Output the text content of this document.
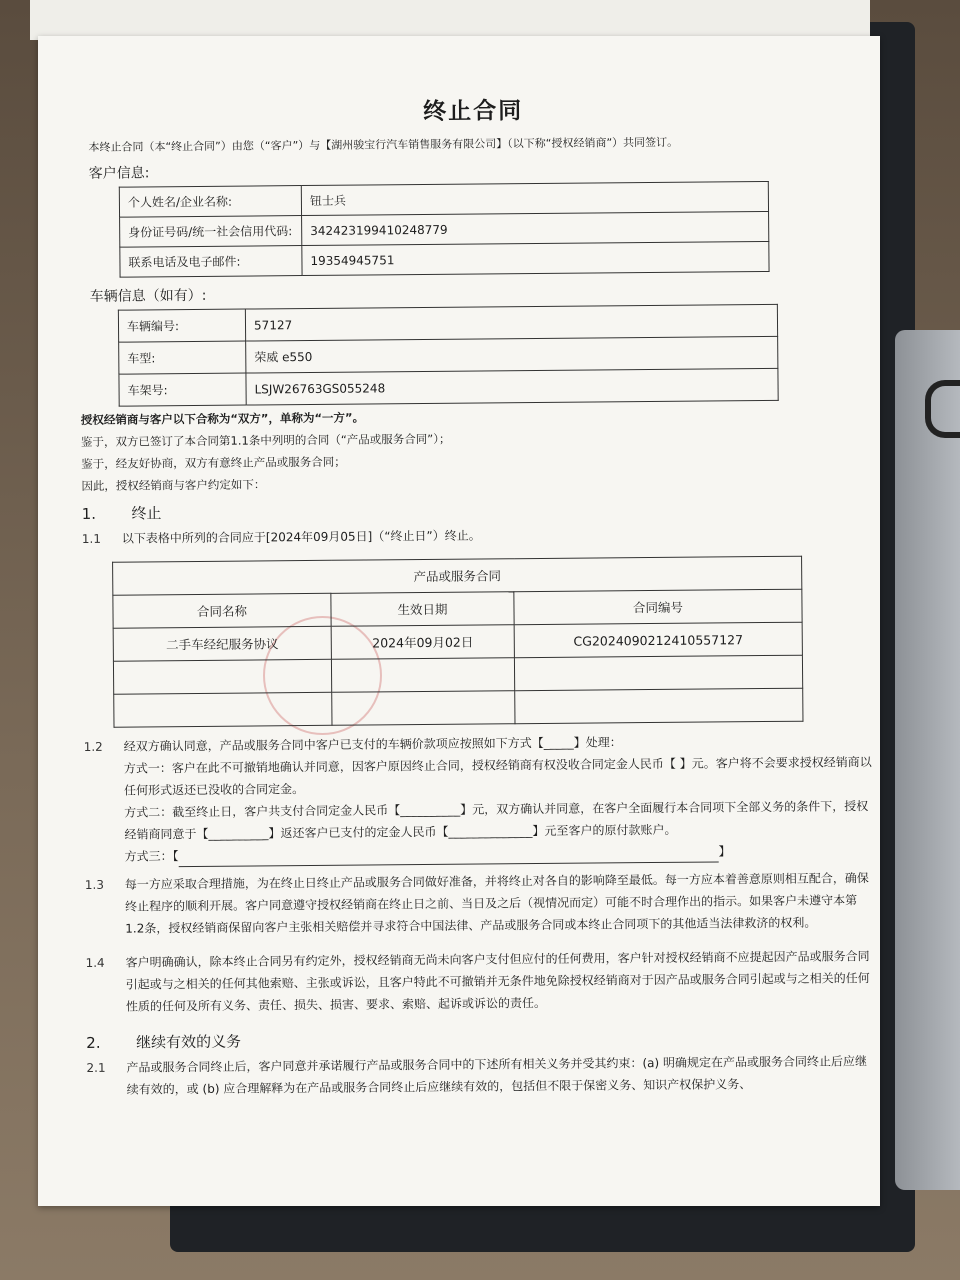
终止合同
本终止合同（本“终止合同”）由您（“客户”）与【湖州骏宝行汽车销售服务有限公司】（以下称“授权经销商”）共同签订。
客户信息:
个人姓名/企业名称:	钮士兵
身份证号码/统一社会信用代码:	342423199410248779
联系电话及电子邮件:	19354945751
车辆信息（如有）:
车辆编号:	57127
车型:	荣威 e550
车架号:	LSJW26763GS055248
授权经销商与客户以下合称为“双方”，单称为“一方”。
鉴于，双方已签订了本合同第1.1条中列明的合同（“产品或服务合同”）；
鉴于，经友好协商，双方有意终止产品或服务合同；
因此，授权经销商与客户约定如下：
1. 终止
1.1	以下表格中所列的合同应于[2024年09月05日]（“终止日”）终止。
产品或服务合同		
合同名称	生效日期	合同编号
二手车经纪服务协议	2024年09月02日	CG2024090212410557127

1.2	经双方确认同意，产品或服务合同中客户已支付的车辆价款项应按照如下方式【_____】处理：
方式一：客户在此不可撤销地确认并同意，因客户原因终止合同，授权经销商有权没收合同定金人民币【 】元。客户将不会要求授权经销商以任何形式返还已没收的合同定金。
方式二：截至终止日，客户共支付合同定金人民币【__________】元，双方确认并同意，在客户全面履行本合同项下全部义务的条件下，授权经销商同意于【__________】返还客户已支付的定金人民币【______________】元至客户的原付款账户。
方式三：【	】
1.3	每一方应采取合理措施，为在终止日终止产品或服务合同做好准备，并将终止对各自的影响降至最低。每一方应本着善意原则相互配合，确保终止程序的顺利开展。客户同意遵守授权经销商在终止日之前、当日及之后（视情况而定）可能不时合理作出的指示。如果客户未遵守本第1.2条，授权经销商保留向客户主张相关赔偿并寻求符合中国法律、产品或服务合同或本终止合同项下的其他适当法律救济的权利。
1.4	客户明确确认，除本终止合同另有约定外，授权经销商无尚未向客户支付但应付的任何费用，客户针对授权经销商不应提起因产品或服务合同引起或与之相关的任何其他索赔、主张或诉讼，且客户特此不可撤销并无条件地免除授权经销商对于因产品或服务合同引起或与之相关的任何性质的任何及所有义务、责任、损失、损害、要求、索赔、起诉或诉讼的责任。
2. 继续有效的义务
2.1	产品或服务合同终止后，客户同意并承诺履行产品或服务合同中的下述所有相关义务并受其约束：(a) 明确规定在产品或服务合同终止后应继续有效的，或 (b) 应合理解释为在产品或服务合同终止后应继续有效的，包括但不限于保密义务、知识产权保护义务、
